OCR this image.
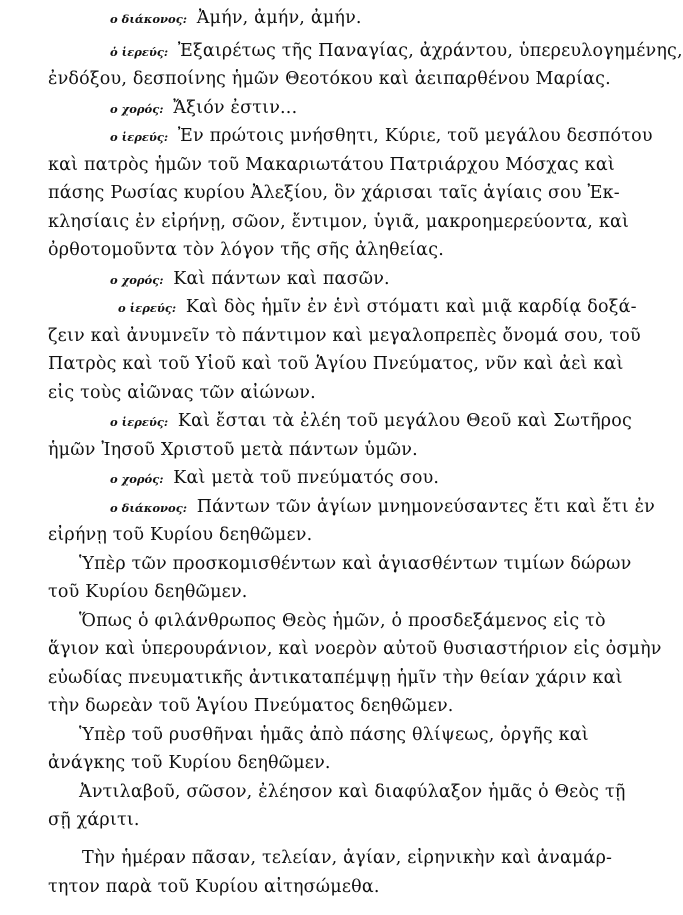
ο διάκονος: Ἀμήν, ἀμήν, ἀμήν.
ὁ ἱερεύς: Ἐξαιρέτως τῆς Παναγίας, ἀχράντου, ὑπερευλογημένης,
ἐνδόξου, δεσποίνης ἡμῶν Θεοτόκου καὶ ἀειπαρθένου Μαρίας.
ο χορός: Ἄξιόν ἐστιν...
ο ἱερεύς: Ἐν πρώτοις μνήσθητι, Κύριε, τοῦ μεγάλου δεσπότου
καὶ πατρὸς ἡμῶν τοῦ Μακαριωτάτου Πατριάρχου Μόσχας καὶ
πάσης Ρωσίας κυρίου Ἀλεξίου, ὃν χάρισαι ταῖς ἁγίαις σου Ἐκ-
κλησίαις ἐν εἰρήνῃ, σῶον, ἔντιμον, ὑγιᾶ, μακροημερεύοντα, καὶ
ὀρθοτομοῦντα τὸν λόγον τῆς σῆς ἀληθείας.
ο χορός: Καὶ πάντων καὶ πασῶν.
ο ἱερεύς: Καὶ δὸς ἡμῖν ἐν ἑνὶ στόματι καὶ μιᾷ καρδίᾳ δοξά-
ζειν καὶ ἀνυμνεῖν τὸ πάντιμον καὶ μεγαλοπρεπὲς ὄνομά σου, τοῦ
Πατρὸς καὶ τοῦ Υἱοῦ καὶ τοῦ Ἁγίου Πνεύματος, νῦν καὶ ἀεὶ καὶ
εἰς τοὺς αἰῶνας τῶν αἰώνων.
ο ἱερεύς: Καὶ ἔσται τὰ ἐλέη τοῦ μεγάλου Θεοῦ καὶ Σωτῆρος
ἡμῶν Ἰησοῦ Χριστοῦ μετὰ πάντων ὑμῶν.
ο χορός: Καὶ μετὰ τοῦ πνεύματός σου.
ο διάκονος: Πάντων τῶν ἁγίων μνημονεύσαντες ἔτι καὶ ἔτι ἐν
εἰρήνῃ τοῦ Κυρίου δεηθῶμεν.
Ὑπὲρ τῶν προσκομισθέντων καὶ ἁγιασθέντων τιμίων δώρων
τοῦ Κυρίου δεηθῶμεν.
Ὅπως ὁ φιλάνθρωπος Θεὸς ἡμῶν, ὁ προσδεξάμενος εἰς τὸ
ἅγιον καὶ ὑπερουράνιον, καὶ νοερὸν αὐτοῦ θυσιαστήριον εἰς ὀσμὴν
εὐωδίας πνευματικῆς ἀντικαταπέμψῃ ἡμῖν τὴν θείαν χάριν καὶ
τὴν δωρεὰν τοῦ Ἁγίου Πνεύματος δεηθῶμεν.
Ὑπὲρ τοῦ ρυσθῆναι ἡμᾶς ἀπὸ πάσης θλίψεως, ὀργῆς καὶ
ἀνάγκης τοῦ Κυρίου δεηθῶμεν.
Ἀντιλαβοῦ, σῶσον, ἐλέησον καὶ διαφύλαξον ἡμᾶς ὁ Θεὸς τῇ
σῇ χάριτι.
Τὴν ἡμέραν πᾶσαν, τελείαν, ἁγίαν, εἰρηνικὴν καὶ ἀναμάρ-
τητον παρὰ τοῦ Κυρίου αἰτησώμεθα.
